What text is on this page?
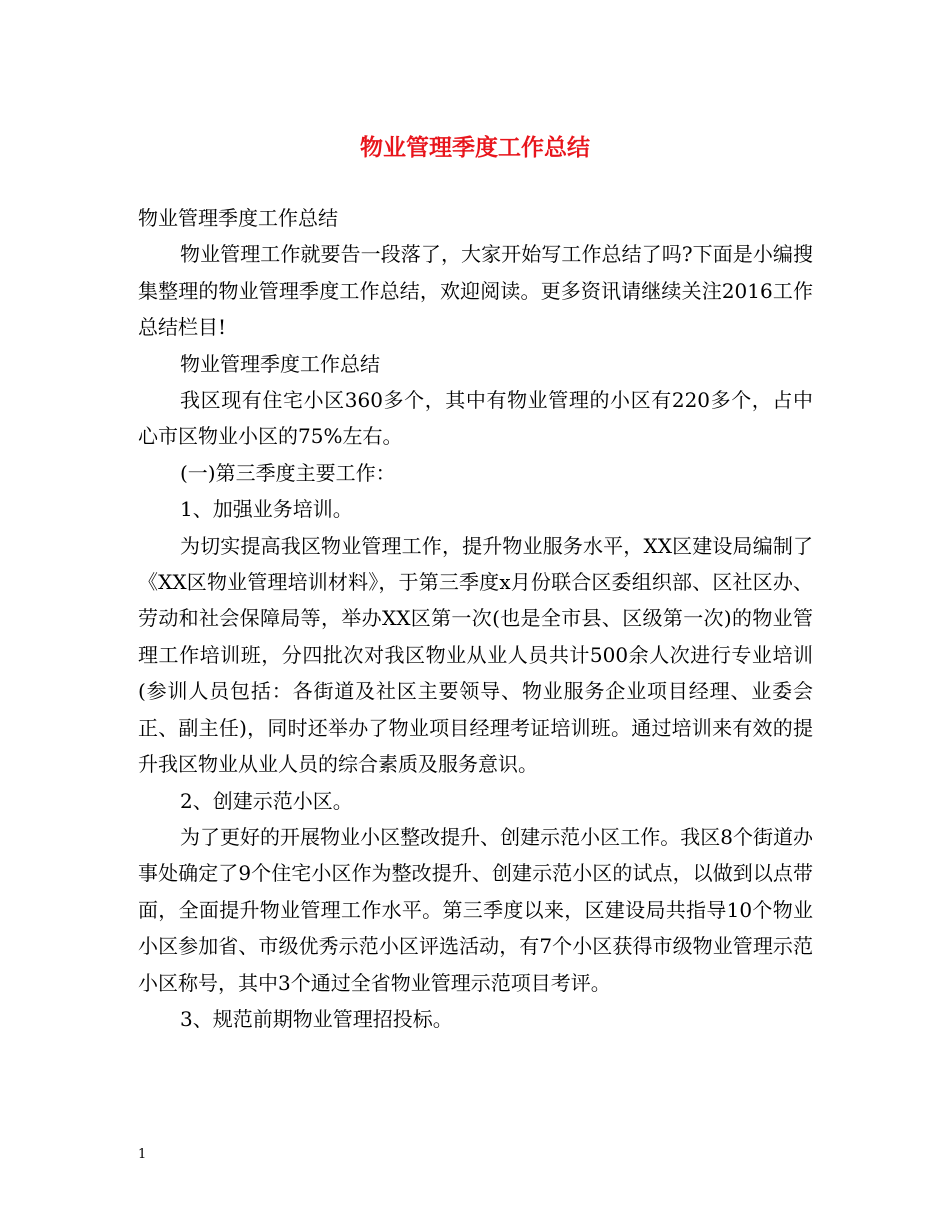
物业管理季度工作总结

物业管理季度工作总结

物业管理工作就要告一段落了，大家开始写工作总结了吗?下面是小编搜集整理的物业管理季度工作总结，欢迎阅读。更多资讯请继续关注2016工作总结栏目!

物业管理季度工作总结

我区现有住宅小区360多个，其中有物业管理的小区有220多个，占中心市区物业小区的75%左右。

(一)第三季度主要工作：

1、加强业务培训。

为切实提高我区物业管理工作，提升物业服务水平，XX区建设局编制了《XX区物业管理培训材料》，于第三季度x月份联合区委组织部、区社区办、劳动和社会保障局等，举办XX区第一次(也是全市县、区级第一次)的物业管理工作培训班，分四批次对我区物业从业人员共计500余人次进行专业培训(参训人员包括：各街道及社区主要领导、物业服务企业项目经理、业委会正、副主任)，同时还举办了物业项目经理考证培训班。通过培训来有效的提升我区物业从业人员的综合素质及服务意识。

2、创建示范小区。

为了更好的开展物业小区整改提升、创建示范小区工作。我区8个街道办事处确定了9个住宅小区作为整改提升、创建示范小区的试点，以做到以点带面，全面提升物业管理工作水平。第三季度以来，区建设局共指导10个物业小区参加省、市级优秀示范小区评选活动，有7个小区获得市级物业管理示范小区称号，其中3个通过全省物业管理示范项目考评。

3、规范前期物业管理招投标。

1
